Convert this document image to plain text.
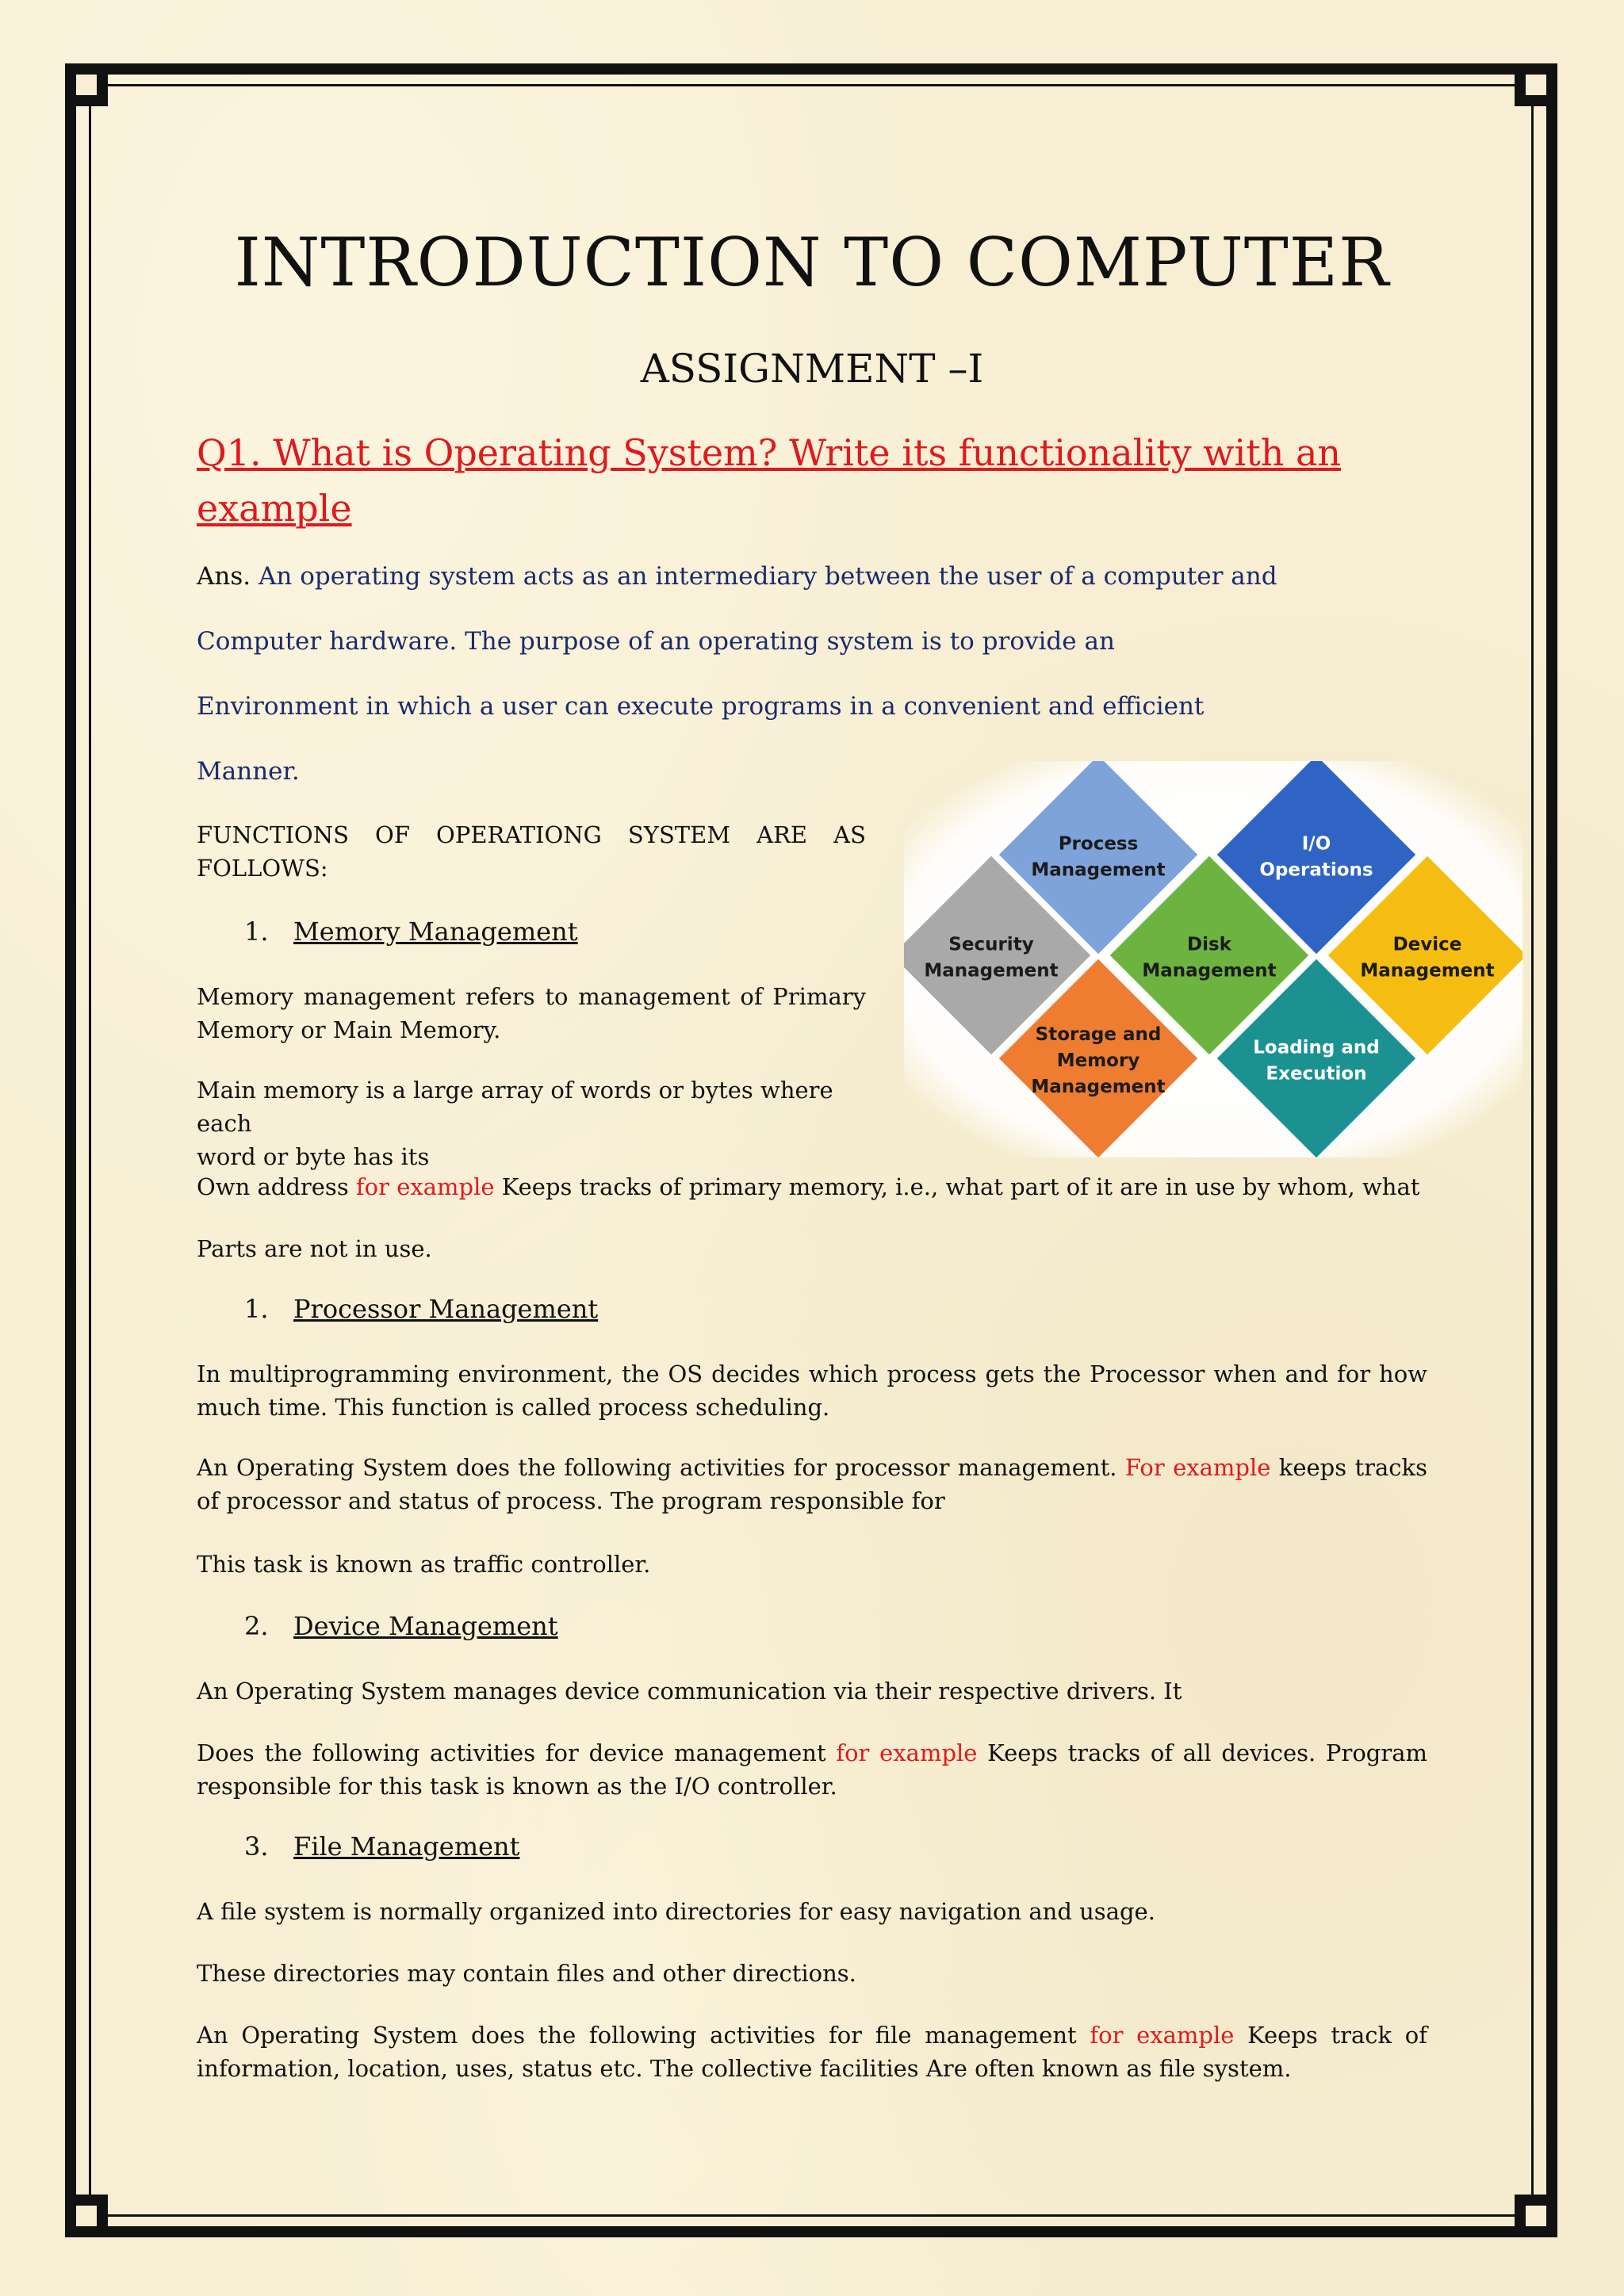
INTRODUCTION TO COMPUTER
ASSIGNMENT –I
Q1. What is Operating System? Write its functionality with an
example
Ans. An operating system acts as an intermediary between the user of a computer and
Computer hardware. The purpose of an operating system is to provide an
Environment in which a user can execute programs in a convenient and efficient
Manner.
FUNCTIONS OF OPERATIONG SYSTEM ARE AS
FOLLOWS:
1. Memory Management
Memory management refers to management of Primary
Memory or Main Memory.
Main memory is a large array of words or bytes where each
word or byte has its
Own address for example Keeps tracks of primary memory, i.e., what part of it are in use by whom, what
Parts are not in use.
1. Processor Management
In multiprogramming environment, the OS decides which process gets the Processor when and for how much time. This function is called process scheduling.
An Operating System does the following activities for processor management. For example keeps tracks of processor and status of process. The program responsible for
This task is known as traffic controller.
2. Device Management
An Operating System manages device communication via their respective drivers. It
Does the following activities for device management for example Keeps tracks of all devices. Program responsible for this task is known as the I/O controller.
3. File Management
A file system is normally organized into directories for easy navigation and usage.
These directories may contain files and other directions.
An Operating System does the following activities for file management for example Keeps track of information, location, uses, status etc. The collective facilities Are often known as file system.
Process
Management
I/O
Operations
Security
Management
Disk
Management
Device
Management
Storage and
Memory
Management
Loading and
Execution
